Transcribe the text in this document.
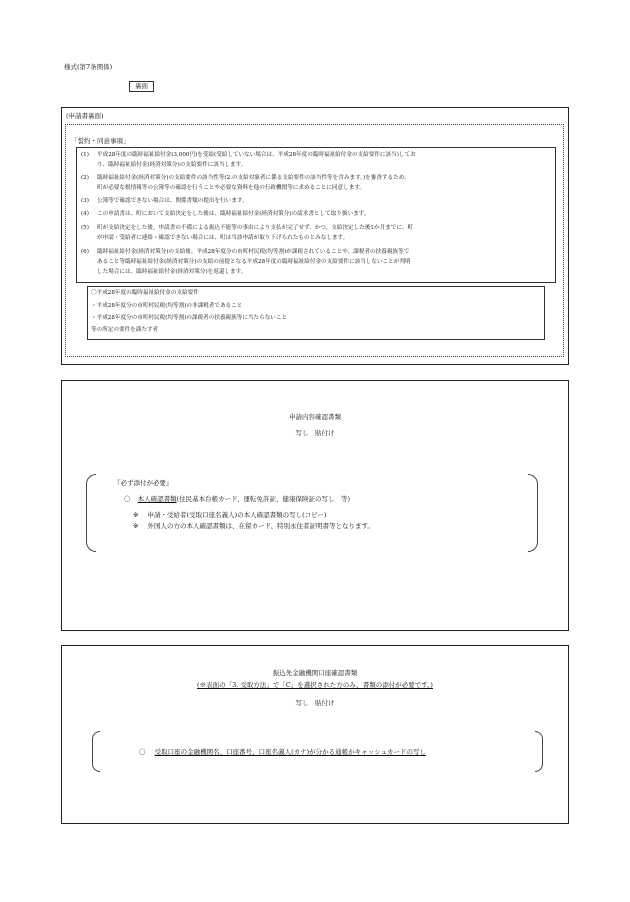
様式(第7条関係)
裏面
(申請書裏面)
「誓約・同意事項」
(1)	平成28年度の臨時福祉給付金(3,000円)を受給(受給していない場合は、平成28年度の臨時福祉給付金の支給要件に該当)してお
り、臨時福祉給付金(経済対策分)の支給要件に該当します。
(2)	臨時福祉給付金(経済対策分)の支給要件の該当性等(2.の支給対象者に係る支給要件の該当性等を含みます。)を審査するため、
町が必要な税情報等の公簿等の確認を行うことや必要な資料を他の行政機関等に求めることに同意します。
(3)	公簿等で確認できない場合は、関係書類の提出を行います。
(4)	この申請書は、町において支給決定をした後は、臨時福祉給付金(経済対策分)の請求書として取り扱います。
(5)	町が支給決定をした後、申請書の不備による振込不能等の事由により支払が完了せず、かつ、支給決定した後1か月までに、町
が申請・受給者に連絡・確認できない場合には、町は当該申請が取り下げられたものとみなします。
(6)	臨時福祉給付金(経済対策分)の支給後、平成28年度分の市町村民税(均等割)が課税されていることや、課税者の扶養親族等で
あること等臨時福祉給付金(経済対策分)の支給の前提となる平成28年度の臨時福祉給付金の支給要件に該当しないことが判明
した場合には、臨時福祉給付金(経済対策分)を返還します。
〇平成28年度の臨時福祉給付金の支給要件
・平成28年度分の市町村民税(均等割)の非課税者であること
・平成28年度分の市町村民税(均等割)の課税者の扶養親族等に当たらないこと
等の所定の要件を満たす者
申請内容確認書類
写し　貼付け
『必ず添付が必要』
〇 本人確認書類(住民基本台帳カード、運転免許証、健康保険証の写し　等)
※ 申請・受給者(受取口座名義人)の本人確認書類の写し(コピー)
※ 外国人の方の本人確認書類は、在留カード、特別永住者証明書等となります。
振込先金融機関口座確認書類
(※表面の「3. 受取方法」で「C」を選択された方のみ、書類の添付が必要です。)
写し　貼付け
〇 受取口座の金融機関名、口座番号、口座名義人(カナ)が分かる通帳かキャッシュカードの写し
